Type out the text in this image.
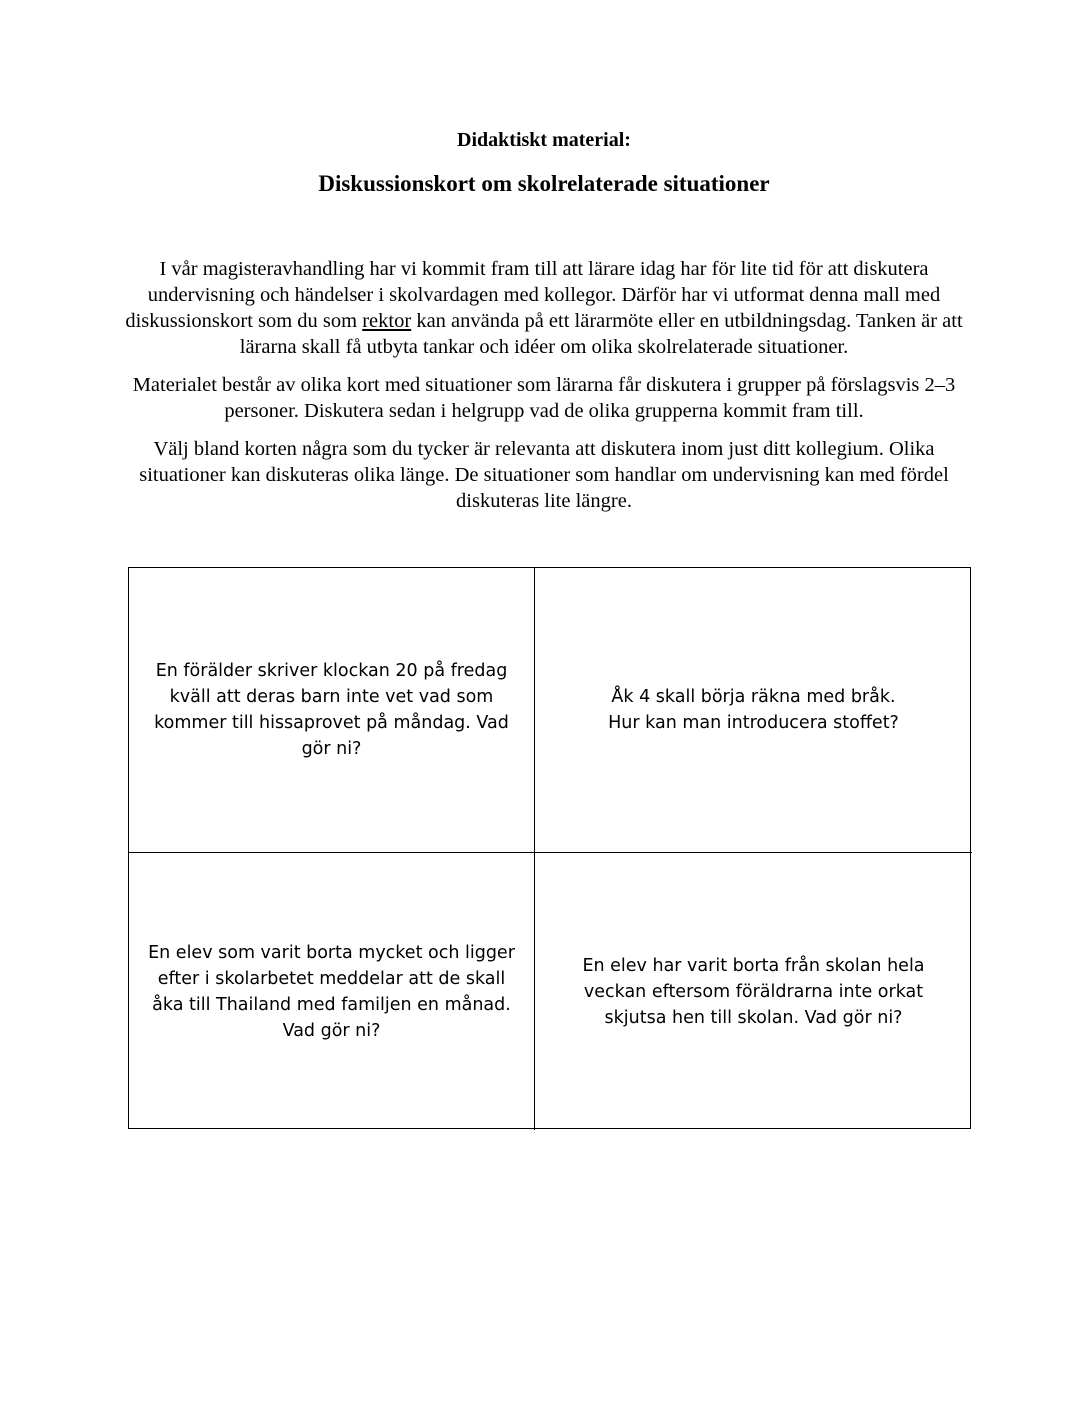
Didaktiskt material:
Diskussionskort om skolrelaterade situationer

I vår magisteravhandling har vi kommit fram till att lärare idag har för lite tid för att diskutera undervisning och händelser i skolvardagen med kollegor. Därför har vi utformat denna mall med diskussionskort som du som rektor kan använda på ett lärarmöte eller en utbildningsdag. Tanken är att lärarna skall få utbyta tankar och idéer om olika skolrelaterade situationer.

Materialet består av olika kort med situationer som lärarna får diskutera i grupper på förslagsvis 2–3 personer. Diskutera sedan i helgrupp vad de olika grupperna kommit fram till.

Välj bland korten några som du tycker är relevanta att diskutera inom just ditt kollegium. Olika situationer kan diskuteras olika länge. De situationer som handlar om undervisning kan med fördel diskuteras lite längre.

En förälder skriver klockan 20 på fredag kväll att deras barn inte vet vad som kommer till hissaprovet på måndag. Vad gör ni?
Åk 4 skall börja räkna med bråk.
Hur kan man introducera stoffet?
En elev som varit borta mycket och ligger efter i skolarbetet meddelar att de skall åka till Thailand med familjen en månad. Vad gör ni?
En elev har varit borta från skolan hela veckan eftersom föräldrarna inte orkat skjutsa hen till skolan. Vad gör ni?
